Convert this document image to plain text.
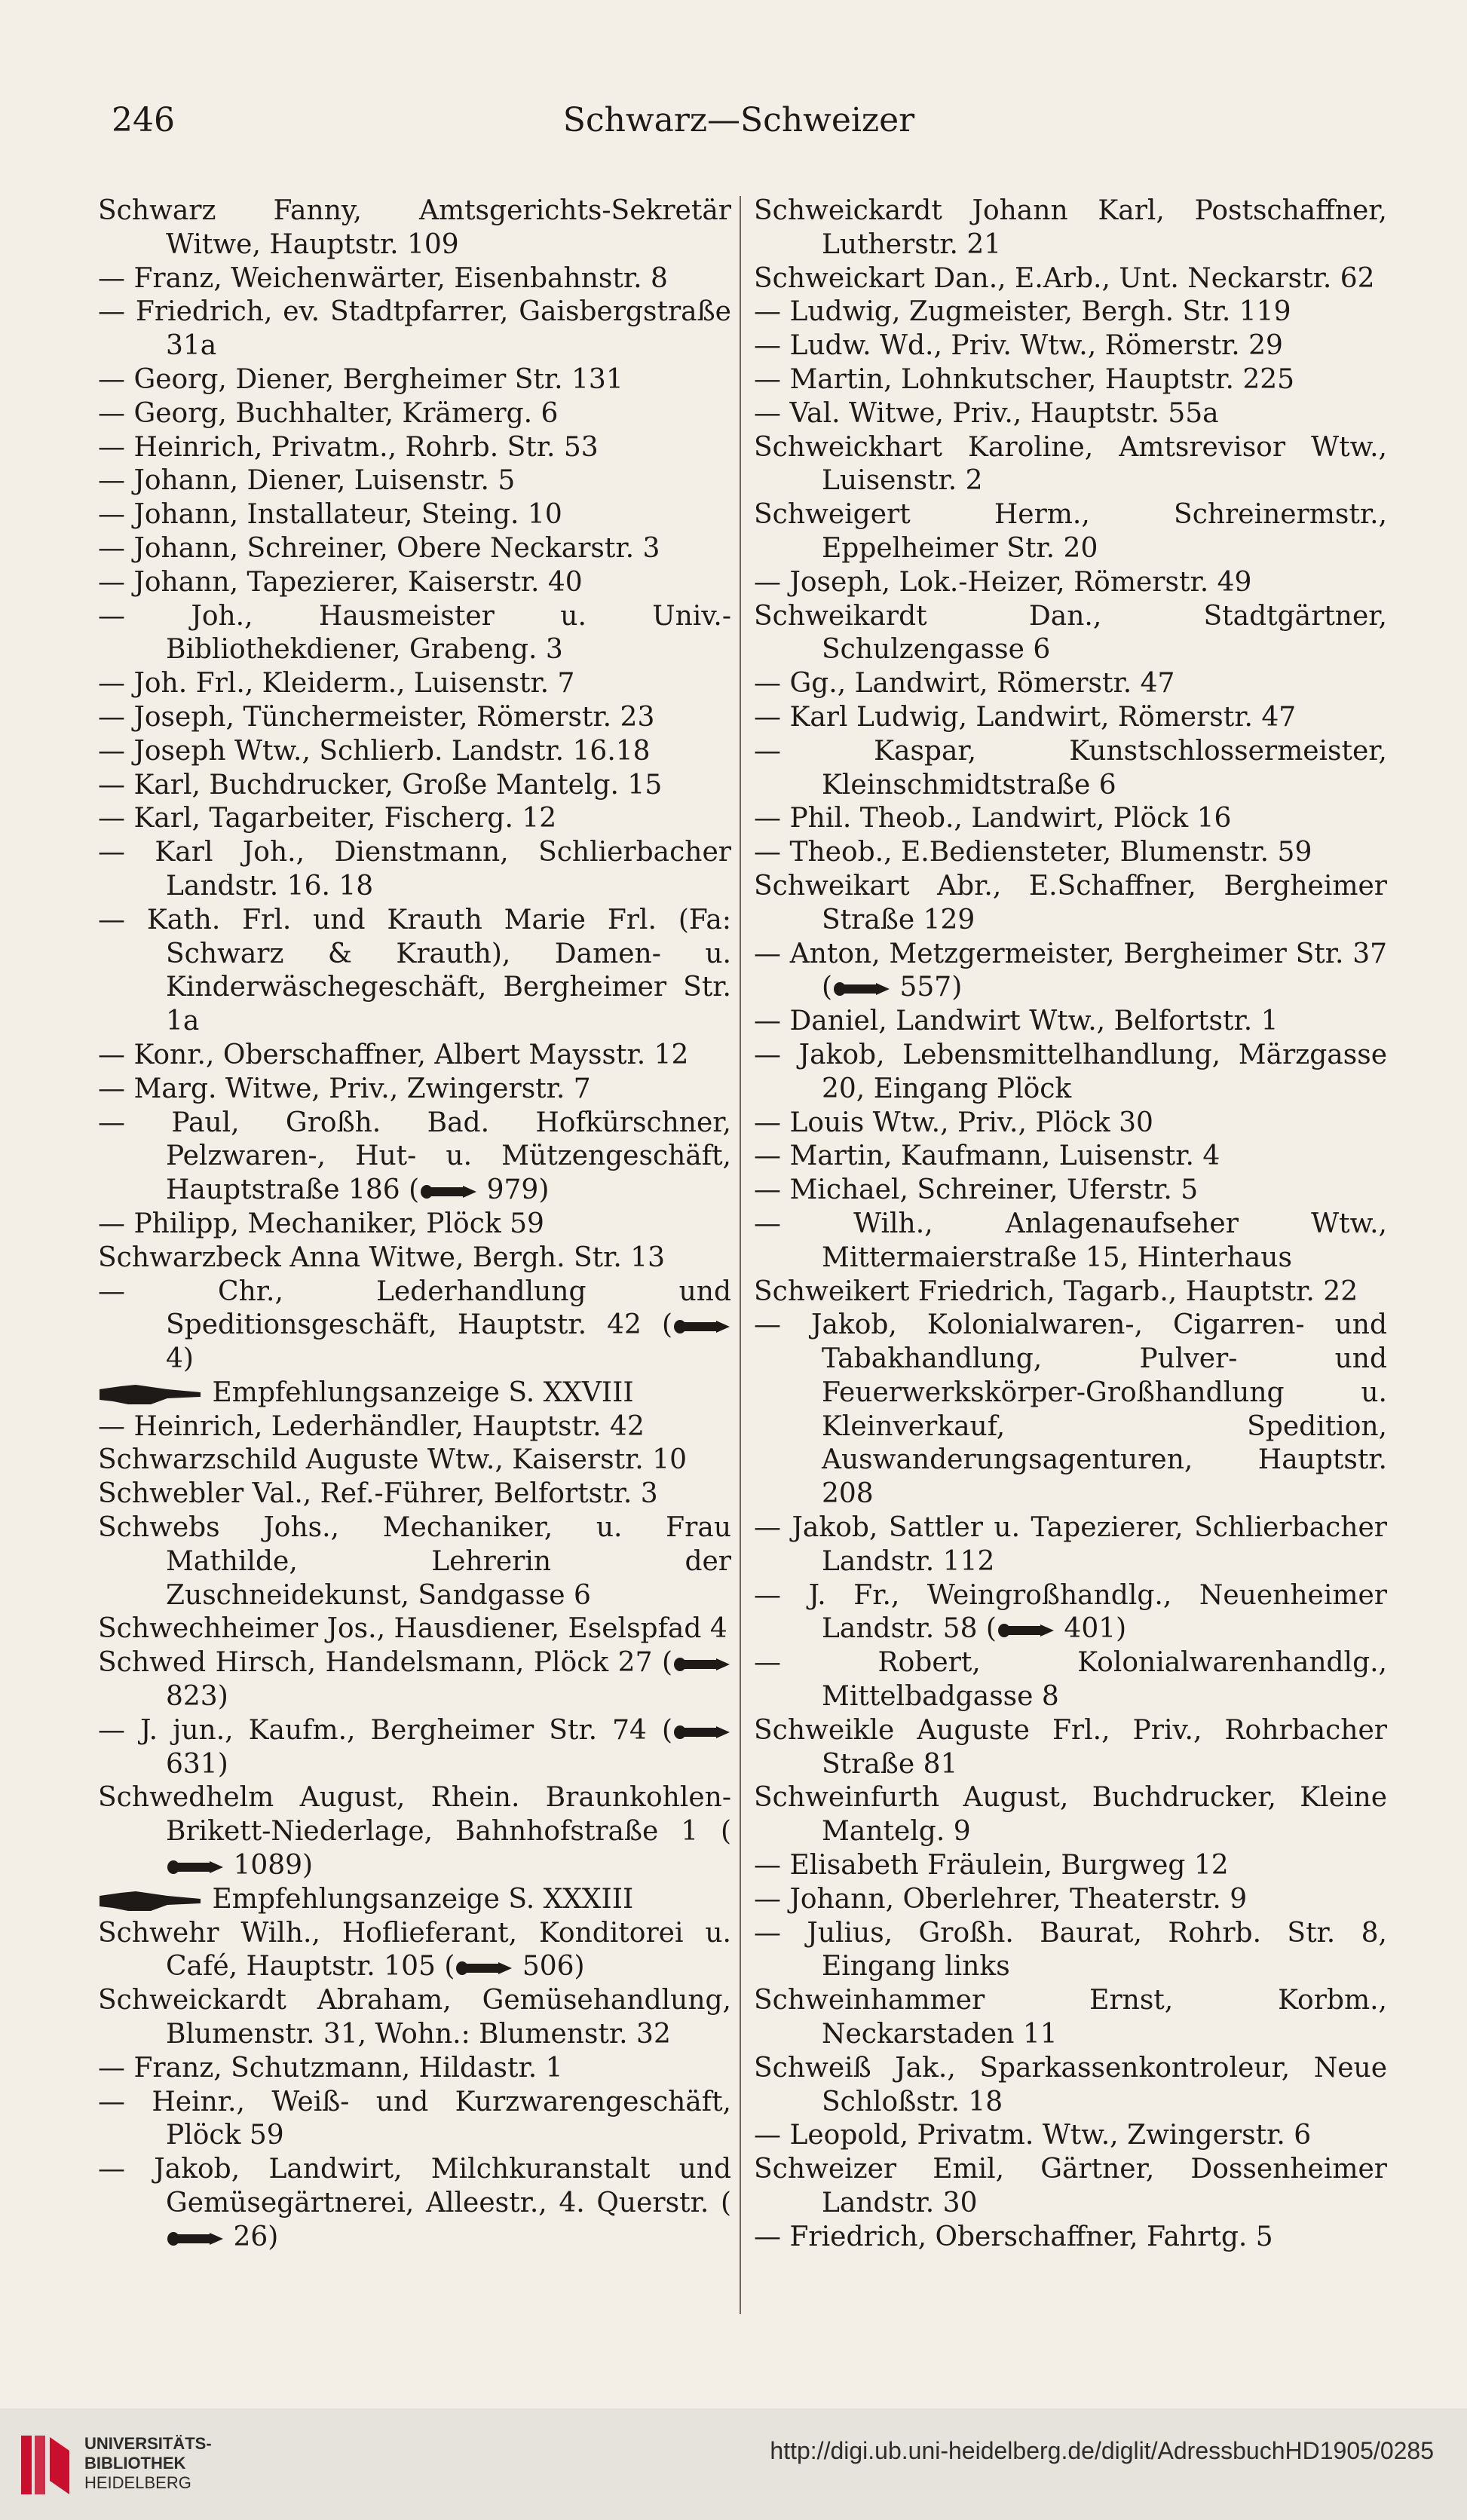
Schwarz—Schweizer
246
Schwarz Fanny, Amtsgerichts-Sekretär Witwe, Hauptstr. 109
— Franz, Weichenwärter, Eisenbahnstr. 8
— Friedrich, ev. Stadtpfarrer, Gaisbergstraße 31a
— Georg, Diener, Bergheimer Str. 131
— Georg, Buchhalter, Krämerg. 6
— Heinrich, Privatm., Rohrb. Str. 53
— Johann, Diener, Luisenstr. 5
— Johann, Installateur, Steing. 10
— Johann, Schreiner, Obere Neckarstr. 3
— Johann, Tapezierer, Kaiserstr. 40
— Joh., Hausmeister u. Univ.-Bibliothekdiener, Grabeng. 3
— Joh. Frl., Kleiderm., Luisenstr. 7
— Joseph, Tünchermeister, Römerstr. 23
— Joseph Wtw., Schlierb. Landstr. 16.18
— Karl, Buchdrucker, Große Mantelg. 15
— Karl, Tagarbeiter, Fischerg. 12
— Karl Joh., Dienstmann, Schlierbacher Landstr. 16. 18
— Kath. Frl. und Krauth Marie Frl. (Fa: Schwarz & Krauth), Damen- u. Kinderwäschegeschäft, Bergheimer Str. 1a
— Konr., Oberschaffner, Albert Maysstr. 12
— Marg. Witwe, Priv., Zwingerstr. 7
— Paul, Großh. Bad. Hofkürschner, Pelzwaren-, Hut- u. Mützengeschäft, Hauptstraße 186 (
979)
— Philipp, Mechaniker, Plöck 59
Schwarzbeck Anna Witwe, Bergh. Str. 13
— Chr., Lederhandlung und Speditionsgeschäft, Hauptstr. 42 (
4)
Empfehlungsanzeige S. XXVIII
— Heinrich, Lederhändler, Hauptstr. 42
Schwarzschild Auguste Wtw., Kaiserstr. 10
Schwebler Val., Ref.-Führer, Belfortstr. 3
Schwebs Johs., Mechaniker, u. Frau Mathilde, Lehrerin der Zuschneidekunst, Sandgasse 6
Schwechheimer Jos., Hausdiener, Eselspfad 4
Schwed Hirsch, Handelsmann, Plöck 27 (
823)
— J. jun., Kaufm., Bergheimer Str. 74 (
631)
Schwedhelm August, Rhein. Braunkohlen-Brikett-Niederlage, Bahnhofstraße 1 (
1089)
Empfehlungsanzeige S. XXXIII
Schwehr Wilh., Hoflieferant, Konditorei u. Café, Hauptstr. 105 (
506)
Schweickardt Abraham, Gemüsehandlung, Blumenstr. 31, Wohn.: Blumenstr. 32
— Franz, Schutzmann, Hildastr. 1
— Heinr., Weiß- und Kurzwarengeschäft, Plöck 59
— Jakob, Landwirt, Milchkuranstalt und Gemüsegärtnerei, Alleestr., 4. Querstr. (
26)
Schweickardt Johann Karl, Postschaffner, Lutherstr. 21
Schweickart Dan., E.Arb., Unt. Neckarstr. 62
— Ludwig, Zugmeister, Bergh. Str. 119
— Ludw. Wd., Priv. Wtw., Römerstr. 29
— Martin, Lohnkutscher, Hauptstr. 225
— Val. Witwe, Priv., Hauptstr. 55a
Schweickhart Karoline, Amtsrevisor Wtw., Luisenstr. 2
Schweigert Herm., Schreinermstr., Eppelheimer Str. 20
— Joseph, Lok.-Heizer, Römerstr. 49
Schweikardt Dan., Stadtgärtner, Schulzengasse 6
— Gg., Landwirt, Römerstr. 47
— Karl Ludwig, Landwirt, Römerstr. 47
— Kaspar, Kunstschlossermeister, Kleinschmidtstraße 6
— Phil. Theob., Landwirt, Plöck 16
— Theob., E.Bediensteter, Blumenstr. 59
Schweikart Abr., E.Schaffner, Bergheimer Straße 129
— Anton, Metzgermeister, Bergheimer Str. 37 (
557)
— Daniel, Landwirt Wtw., Belfortstr. 1
— Jakob, Lebensmittelhandlung, Märzgasse 20, Eingang Plöck
— Louis Wtw., Priv., Plöck 30
— Martin, Kaufmann, Luisenstr. 4
— Michael, Schreiner, Uferstr. 5
— Wilh., Anlagenaufseher Wtw., Mittermaierstraße 15, Hinterhaus
Schweikert Friedrich, Tagarb., Hauptstr. 22
— Jakob, Kolonialwaren-, Cigarren- und Tabakhandlung, Pulver- und Feuerwerkskörper-Großhandlung u. Kleinverkauf, Spedition, Auswanderungsagenturen, Hauptstr. 208
— Jakob, Sattler u. Tapezierer, Schlierbacher Landstr. 112
— J. Fr., Weingroßhandlg., Neuenheimer Landstr. 58 (
401)
— Robert, Kolonialwarenhandlg., Mittelbadgasse 8
Schweikle Auguste Frl., Priv., Rohrbacher Straße 81
Schweinfurth August, Buchdrucker, Kleine Mantelg. 9
— Elisabeth Fräulein, Burgweg 12
— Johann, Oberlehrer, Theaterstr. 9
— Julius, Großh. Baurat, Rohrb. Str. 8, Eingang links
Schweinhammer Ernst, Korbm., Neckarstaden 11
Schweiß Jak., Sparkassenkontroleur, Neue Schloßstr. 18
— Leopold, Privatm. Wtw., Zwingerstr. 6
Schweizer Emil, Gärtner, Dossenheimer Landstr. 30
— Friedrich, Oberschaffner, Fahrtg. 5
UNIVERSITÄTS-
BIBLIOTHEK
HEIDELBERG
http://digi.ub.uni-heidelberg.de/diglit/AdressbuchHD1905/0285
